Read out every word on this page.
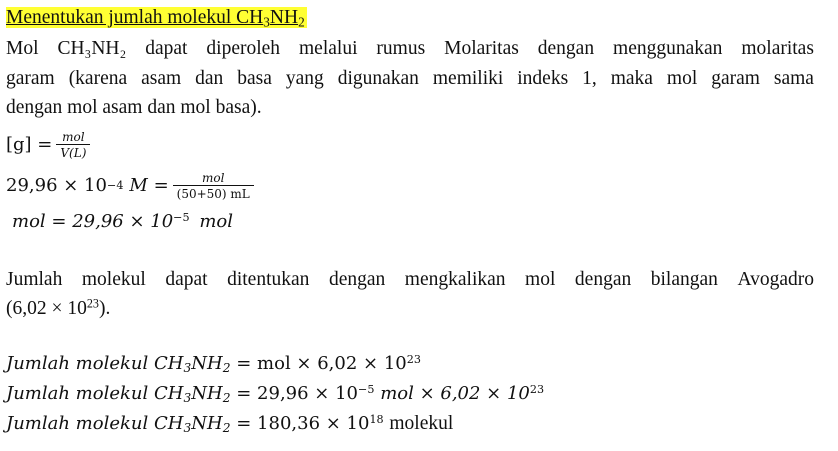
Menentukan jumlah molekul $CH_3NH_2$
Mol CH₃NH₂ dapat diperoleh melalui rumus Molaritas dengan menggunakan molaritas
garam (karena asam dan basa yang digunakan memiliki indeks 1, maka mol garam sama
dengan mol asam dan mol basa).
$[g] = \frac{\text{mol}}{V(L)}$
29,96 × 10 −4 $M = \frac{\text{mol}}{(50+50) mL}$
mol = $29,96 \times 10^{-5}$ mol
Jumlah molekul dapat ditentukan dengan mengkalikan mol dengan bilangan Avogadro
$(6,02 \times 10^{23})$.
Jumlah molekul $CH_3NH_2$ = mol × $6,02 \times 10^{23}$
Jumlah molekul $CH_3NH_2 = 29,96 \times 10^{-5}$ mol × $6,02 \times 10^{23}$
Jumlah molekul $CH_3NH_2 = 180,36 \times 10^{18}$ molekul
